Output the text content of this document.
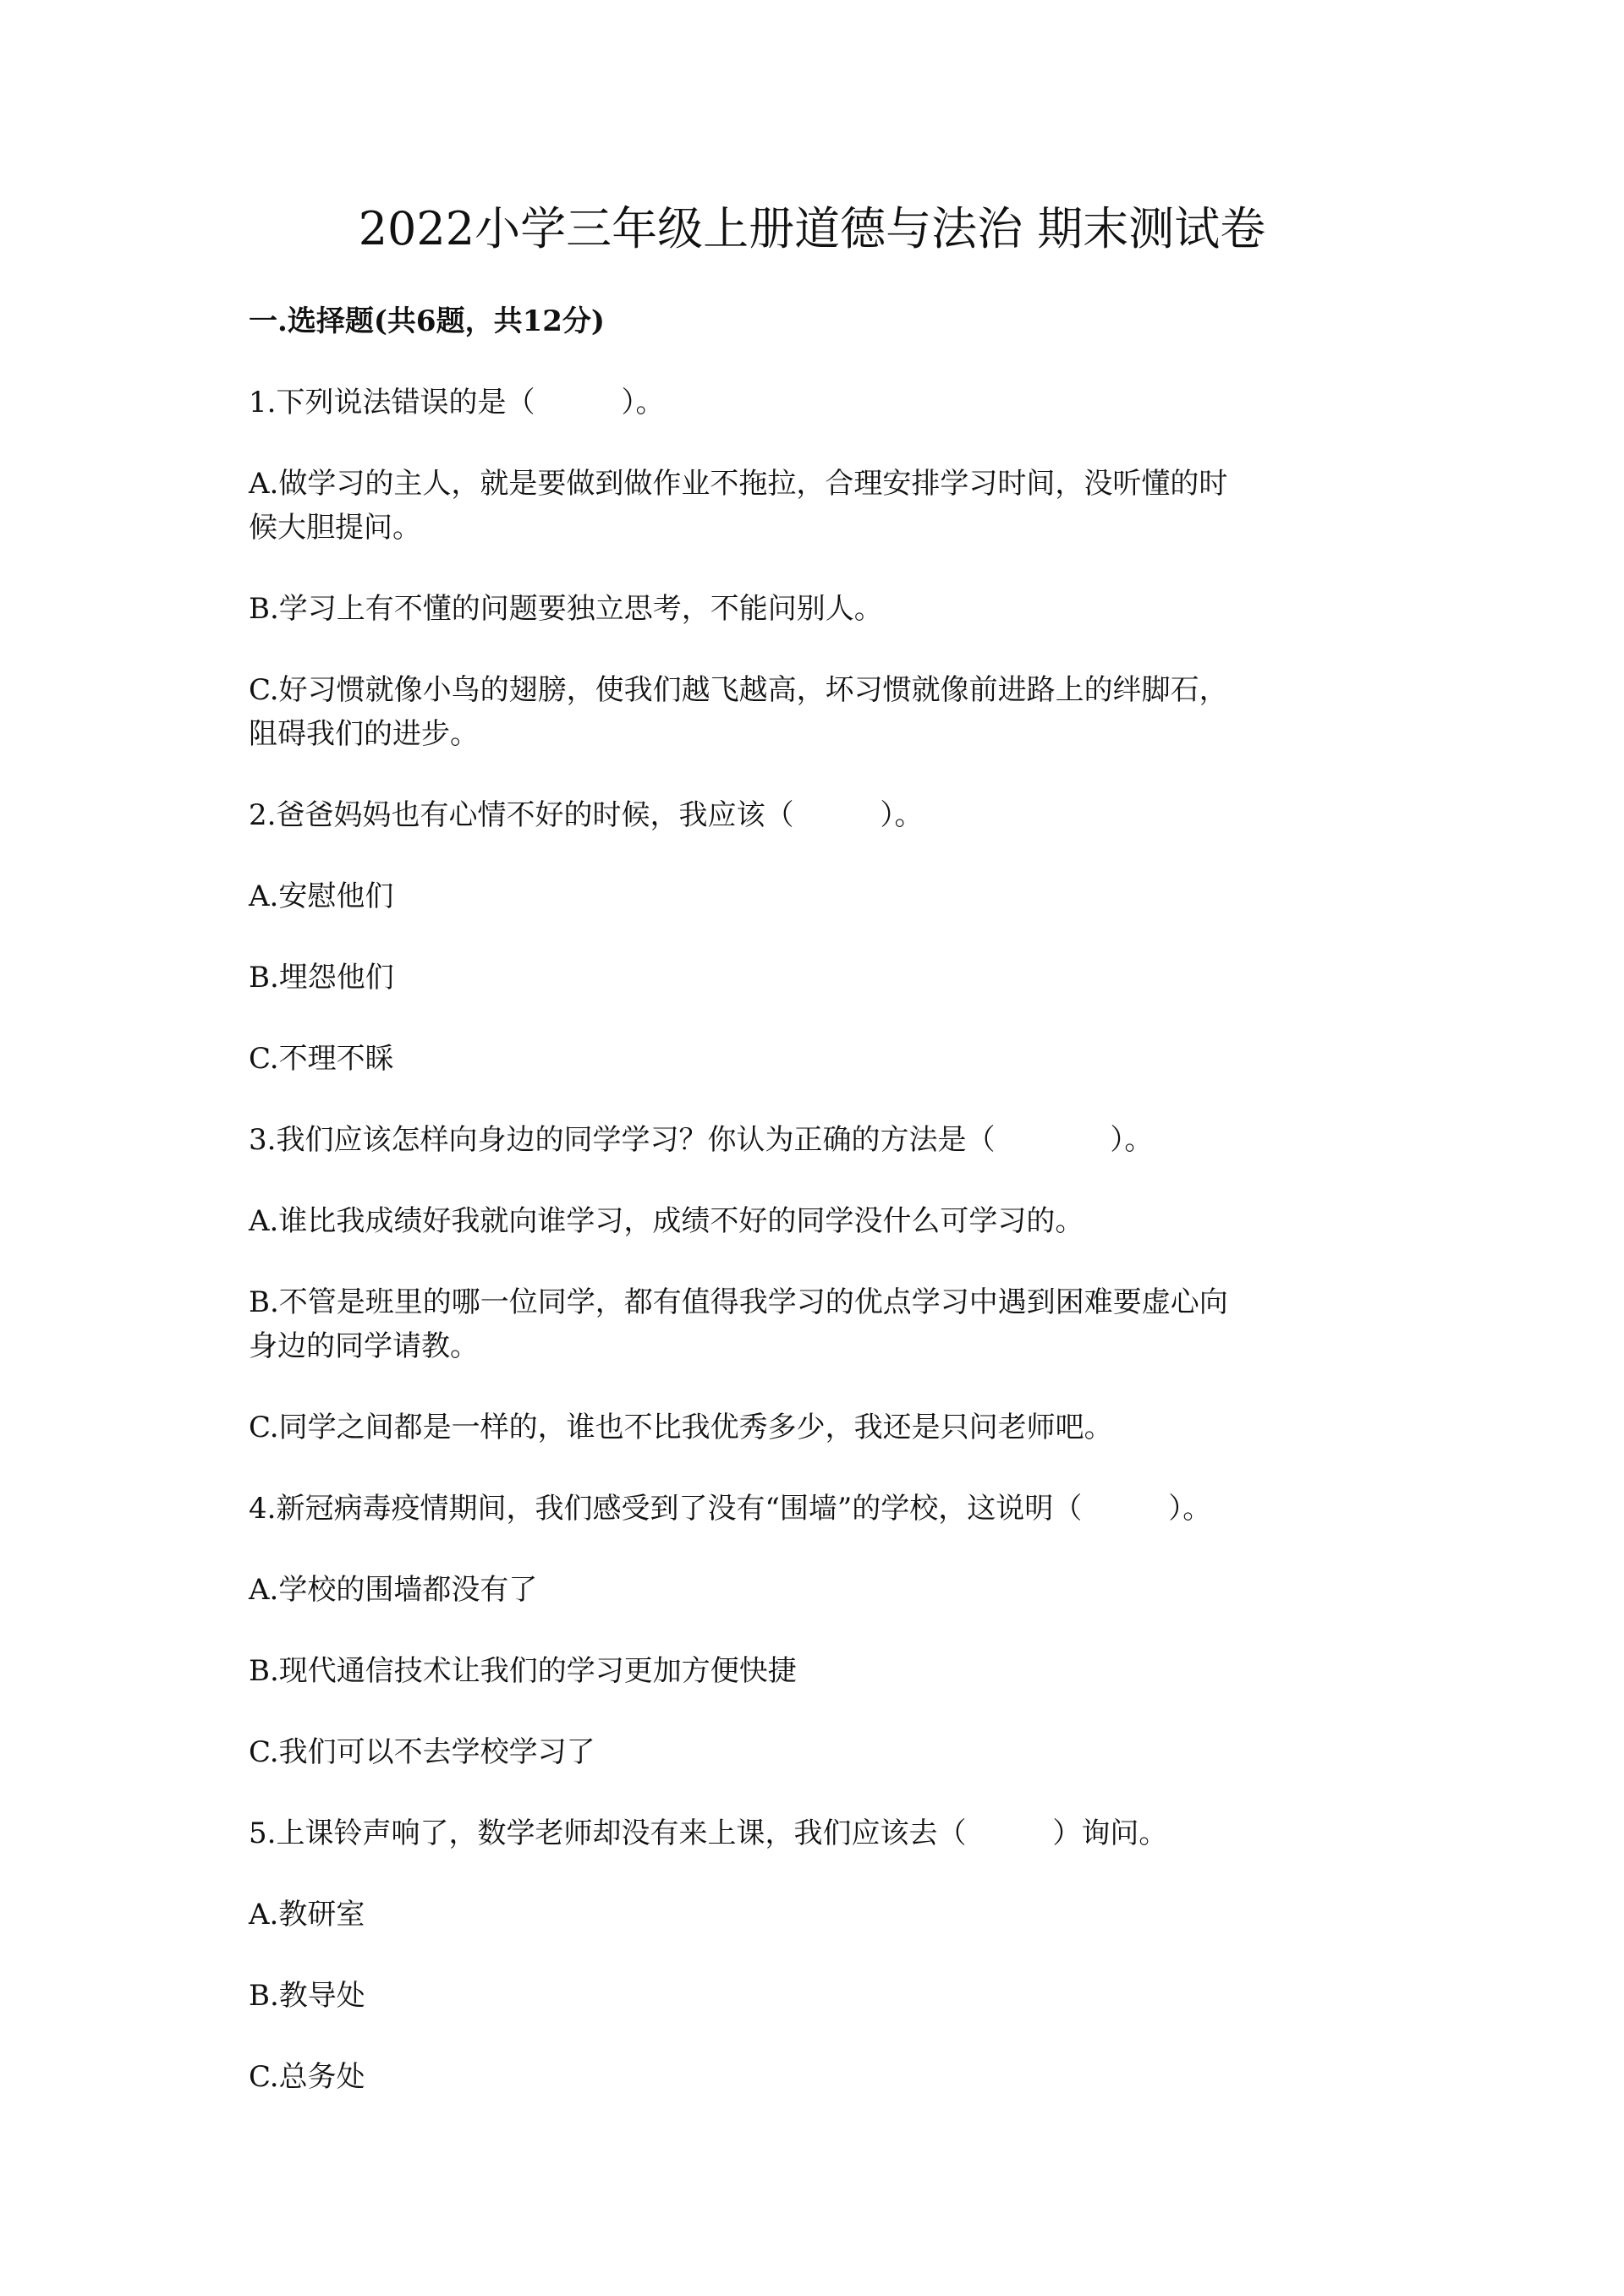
2022小学三年级上册道德与法治 期末测试卷
一.选择题(共6题，共12分)
1.下列说法错误的是（　　　）。
A.做学习的主人，就是要做到做作业不拖拉，合理安排学习时间，没听懂的时
候大胆提问。
B.学习上有不懂的问题要独立思考，不能问别人。
C.好习惯就像小鸟的翅膀，使我们越飞越高，坏习惯就像前进路上的绊脚石，
阻碍我们的进步。
2.爸爸妈妈也有心情不好的时候，我应该（　　　）。
A.安慰他们
B.埋怨他们
C.不理不睬
3.我们应该怎样向身边的同学学习？你认为正确的方法是（　　　　）。
A.谁比我成绩好我就向谁学习，成绩不好的同学没什么可学习的。
B.不管是班里的哪一位同学，都有值得我学习的优点学习中遇到困难要虚心向
身边的同学请教。
C.同学之间都是一样的，谁也不比我优秀多少，我还是只问老师吧。
4.新冠病毒疫情期间，我们感受到了没有“围墙”的学校，这说明（　　　）。
A.学校的围墙都没有了
B.现代通信技术让我们的学习更加方便快捷
C.我们可以不去学校学习了
5.上课铃声响了，数学老师却没有来上课，我们应该去（　　　）询问。
A.教研室
B.教导处
C.总务处
